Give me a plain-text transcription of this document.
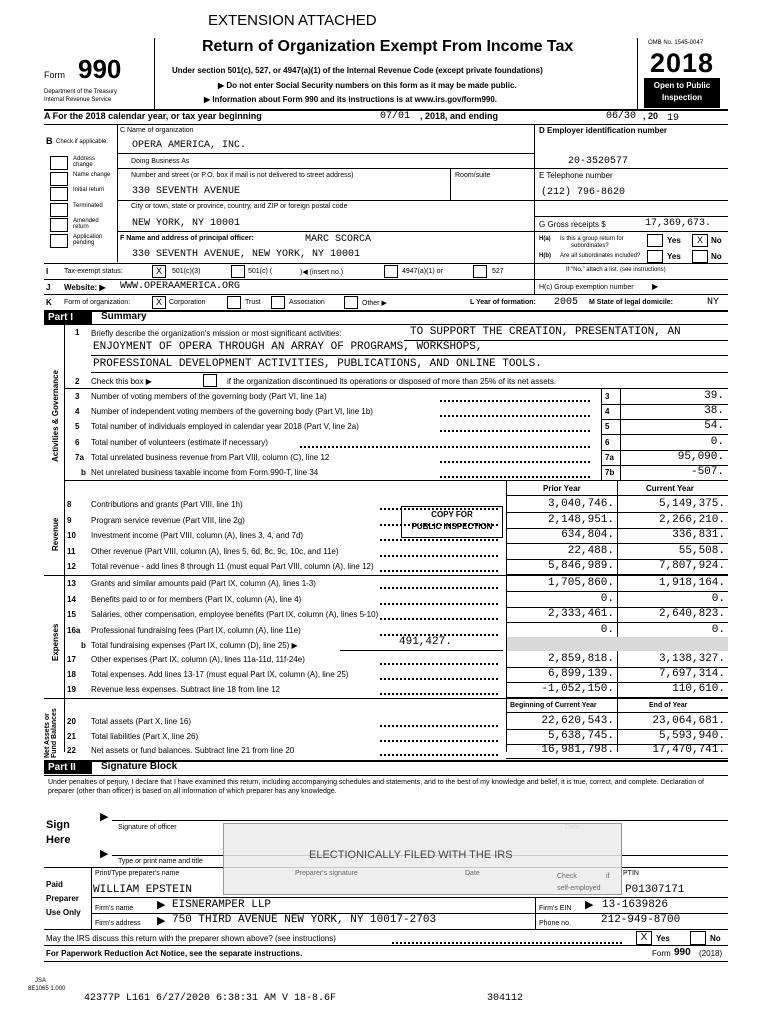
EXTENSION ATTACHED
Form 990
Department of the Treasury
Internal Revenue Service
Return of Organization Exempt From Income Tax
Under section 501(c), 527, or 4947(a)(1) of the Internal Revenue Code (except private foundations)
▶ Do not enter Social Security numbers on this form as it may be made public.
▶ Information about Form 990 and its instructions is at www.irs.gov/form990.
OMB No. 1545-0047
2018
Open to Public
Inspection
A For the 2018 calendar year, or tax year beginning	07/01 , 2018, and ending	06/30 , 20 19
B Check if applicable:
Address change
Name change
Initial return
Terminated
Amended return
Application pending
C Name of organization
OPERA AMERICA, INC.
Doing Business As
Number and street (or P.O. box if mail is not delivered to street address)	Room/suite
330 SEVENTH AVENUE
City or town, state or province, country, and ZIP or foreign postal code
NEW YORK, NY 10001
D Employer identification number
20-3520577
E Telephone number
(212) 796-8620
G Gross receipts $	17,369,673.
F Name and address of principal officer:	MARC SCORCA
330 SEVENTH AVENUE, NEW YORK, NY 10001
H(a) Is this a group return for
subordinates?
Yes	X	No
H(b) Are all subordinates included?	Yes	No
If "No," attach a list. (see instructions)
I Tax-exempt status:	X	501(c)(3)	501(c) (	)◀ (insert no.)	4947(a)(1) or	527
J Website: ▶ WWW.OPERAAMERICA.ORG	H(c) Group exemption number ▶
K Form of organization:	X	Corporation	Trust	Association	Other ▶	L Year of formation: 2005 M State of legal domicile:	NY
Part I	Summary
1 Briefly describe the organization's mission or most significant activities:	TO SUPPORT THE CREATION, PRESENTATION, AN
ENJOYMENT OF OPERA THROUGH AN ARRAY OF PROGRAMS, WORKSHOPS,
PROFESSIONAL DEVELOPMENT ACTIVITIES, PUBLICATIONS, AND ONLINE TOOLS.
2 Check this box ▶	if the organization discontinued its operations or disposed of more than 25% of its net assets.
Activities & Governance 3 Number of voting members of the governing body (Part VI, line 1a)	3	39.
4 Number of independent voting members of the governing body (Part VI, line 1b)	4	38.
5 Total number of individuals employed in calendar year 2018 (Part V, line 2a)	5	54.
6 Total number of volunteers (estimate if necessary)	6	0.
7a Total unrelated business revenue from Part VIII, column (C), line 12	7a	95,090.
b Net unrelated business taxable income from Form 990-T, line 34	7b	-507.
Prior Year	Current Year
Revenue
COPY FOR
PUBLIC INSPECTION
8 Contributions and grants (Part VIII, line 1h)	3,040,746.	5,149,375.
9 Program service revenue (Part VIII, line 2g)	2,148,951.	2,266,210.
10 Investment income (Part VIII, column (A), lines 3, 4, and 7d)	634,804.	336,831.
11 Other revenue (Part VIII, column (A), lines 5, 6d, 8c, 9c, 10c, and 11e)	22,488.	55,508.
12 Total revenue - add lines 8 through 11 (must equal Part VIII, column (A), line 12)	5,846,989.	7,807,924.
Expenses
13 Grants and similar amounts paid (Part IX, column (A), lines 1-3)	1,705,860.	1,918,164.
14 Benefits paid to or for members (Part IX, column (A), line 4)	0.	0.
15 Salaries, other compensation, employee benefits (Part IX, column (A), lines 5-10)	2,333,461.	2,640,823.
16a Professional fundraising fees (Part IX, column (A), line 11e)	0.	0.
b Total fundraising expenses (Part IX, column (D), line 25) ▶	491,427.
17 Other expenses (Part IX, column (A), lines 11a-11d, 11f-24e)	2,859,818.	3,138,327.
18 Total expenses. Add lines 13-17 (must equal Part IX, column (A), line 25)	6,899,139.	7,697,314.
19 Revenue less expenses. Subtract line 18 from line 12	-1,052,150.	110,610.
Net Assets or Fund Balances
Beginning of Current Year	End of Year
20 Total assets (Part X, line 16)	22,620,543.	23,064,681.
21 Total liabilities (Part X, line 26)	5,638,745.	5,593,940.
22 Net assets or fund balances. Subtract line 21 from line 20	16,981,798.	17,470,741.
Part II	Signature Block
Under penalties of perjury, I declare that I have examined this return, including accompanying schedules and statements, and to the best of my knowledge and belief, it is true, correct, and complete. Declaration of preparer (other than officer) is based on all information of which preparer has any knowledge.
Sign
Here
▶
Signature of officer
▶
Type or print name and title
ELECTIONICALLY FILED WITH THE IRS
Paid
Preparer
Use Only
Print/Type preparer's name	Preparer's signature	Date	Check	if
self-employed
PTIN
WILLIAM EPSTEIN	P01307171
Firm's name ▶ EISNERAMPER LLP	Firm's EIN ▶ 13-1639826
Firm's address ▶ 750 THIRD AVENUE NEW YORK, NY 10017-2703	Phone no.	212-949-8700
May the IRS discuss this return with the preparer shown above? (see instructions)	X	Yes	No
For Paperwork Reduction Act Notice, see the separate instructions.	Form 990 (2018)
JSA
8E1065 1.000
42377P L161 6/27/2020 6:38:31 AM V 18-8.6F	304112
